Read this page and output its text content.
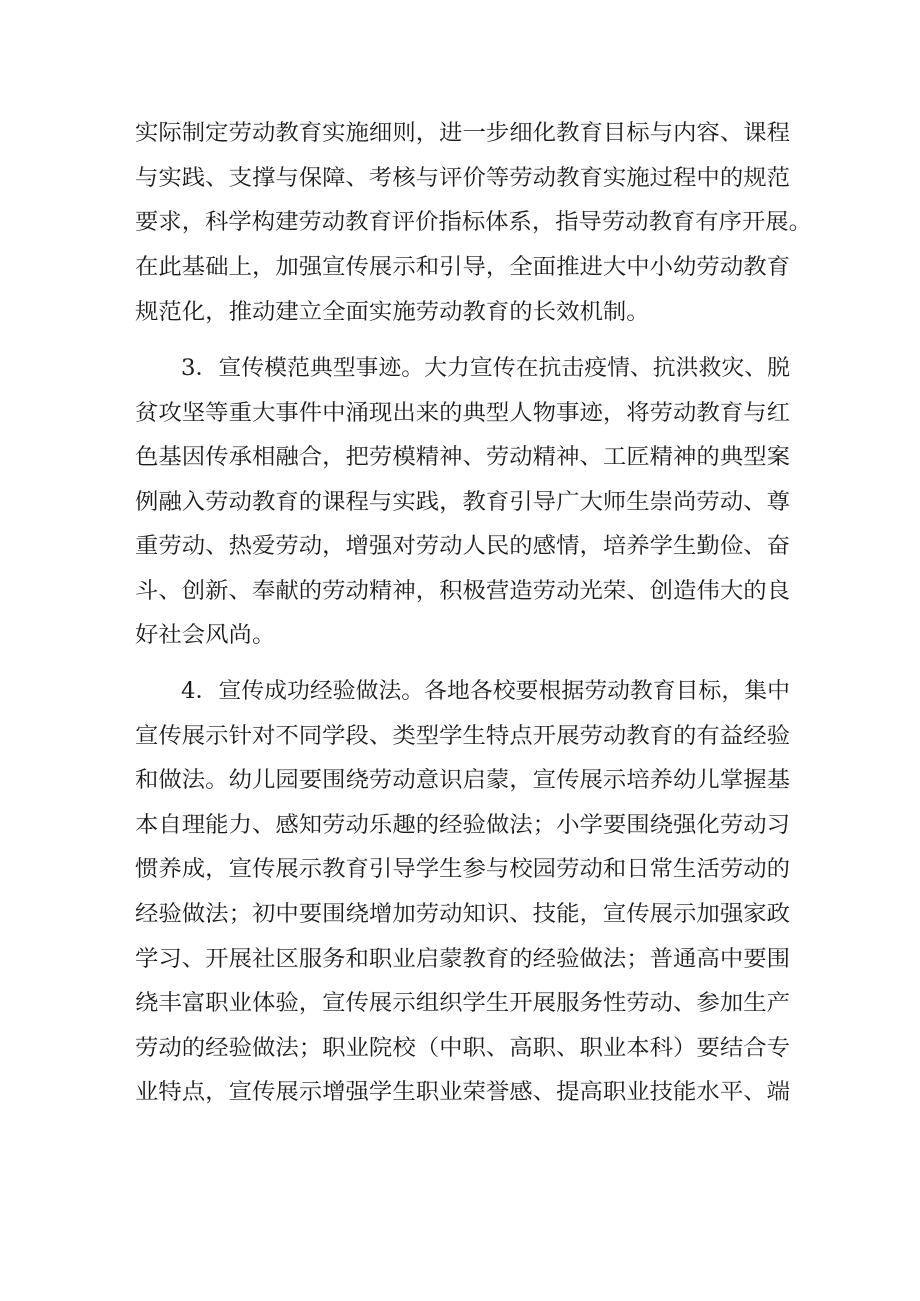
实际制定劳动教育实施细则，进一步细化教育目标与内容、课程
与实践、支撑与保障、考核与评价等劳动教育实施过程中的规范
要求，科学构建劳动教育评价指标体系，指导劳动教育有序开展。
在此基础上，加强宣传展示和引导，全面推进大中小幼劳动教育
规范化，推动建立全面实施劳动教育的长效机制。
3．宣传模范典型事迹。大力宣传在抗击疫情、抗洪救灾、脱
贫攻坚等重大事件中涌现出来的典型人物事迹，将劳动教育与红
色基因传承相融合，把劳模精神、劳动精神、工匠精神的典型案
例融入劳动教育的课程与实践，教育引导广大师生崇尚劳动、尊
重劳动、热爱劳动，增强对劳动人民的感情，培养学生勤俭、奋
斗、创新、奉献的劳动精神，积极营造劳动光荣、创造伟大的良
好社会风尚。
4．宣传成功经验做法。各地各校要根据劳动教育目标，集中
宣传展示针对不同学段、类型学生特点开展劳动教育的有益经验
和做法。幼儿园要围绕劳动意识启蒙，宣传展示培养幼儿掌握基
本自理能力、感知劳动乐趣的经验做法；小学要围绕强化劳动习
惯养成，宣传展示教育引导学生参与校园劳动和日常生活劳动的
经验做法；初中要围绕增加劳动知识、技能，宣传展示加强家政
学习、开展社区服务和职业启蒙教育的经验做法；普通高中要围
绕丰富职业体验，宣传展示组织学生开展服务性劳动、参加生产
劳动的经验做法；职业院校（中职、高职、职业本科）要结合专
业特点，宣传展示增强学生职业荣誉感、提高职业技能水平、端
